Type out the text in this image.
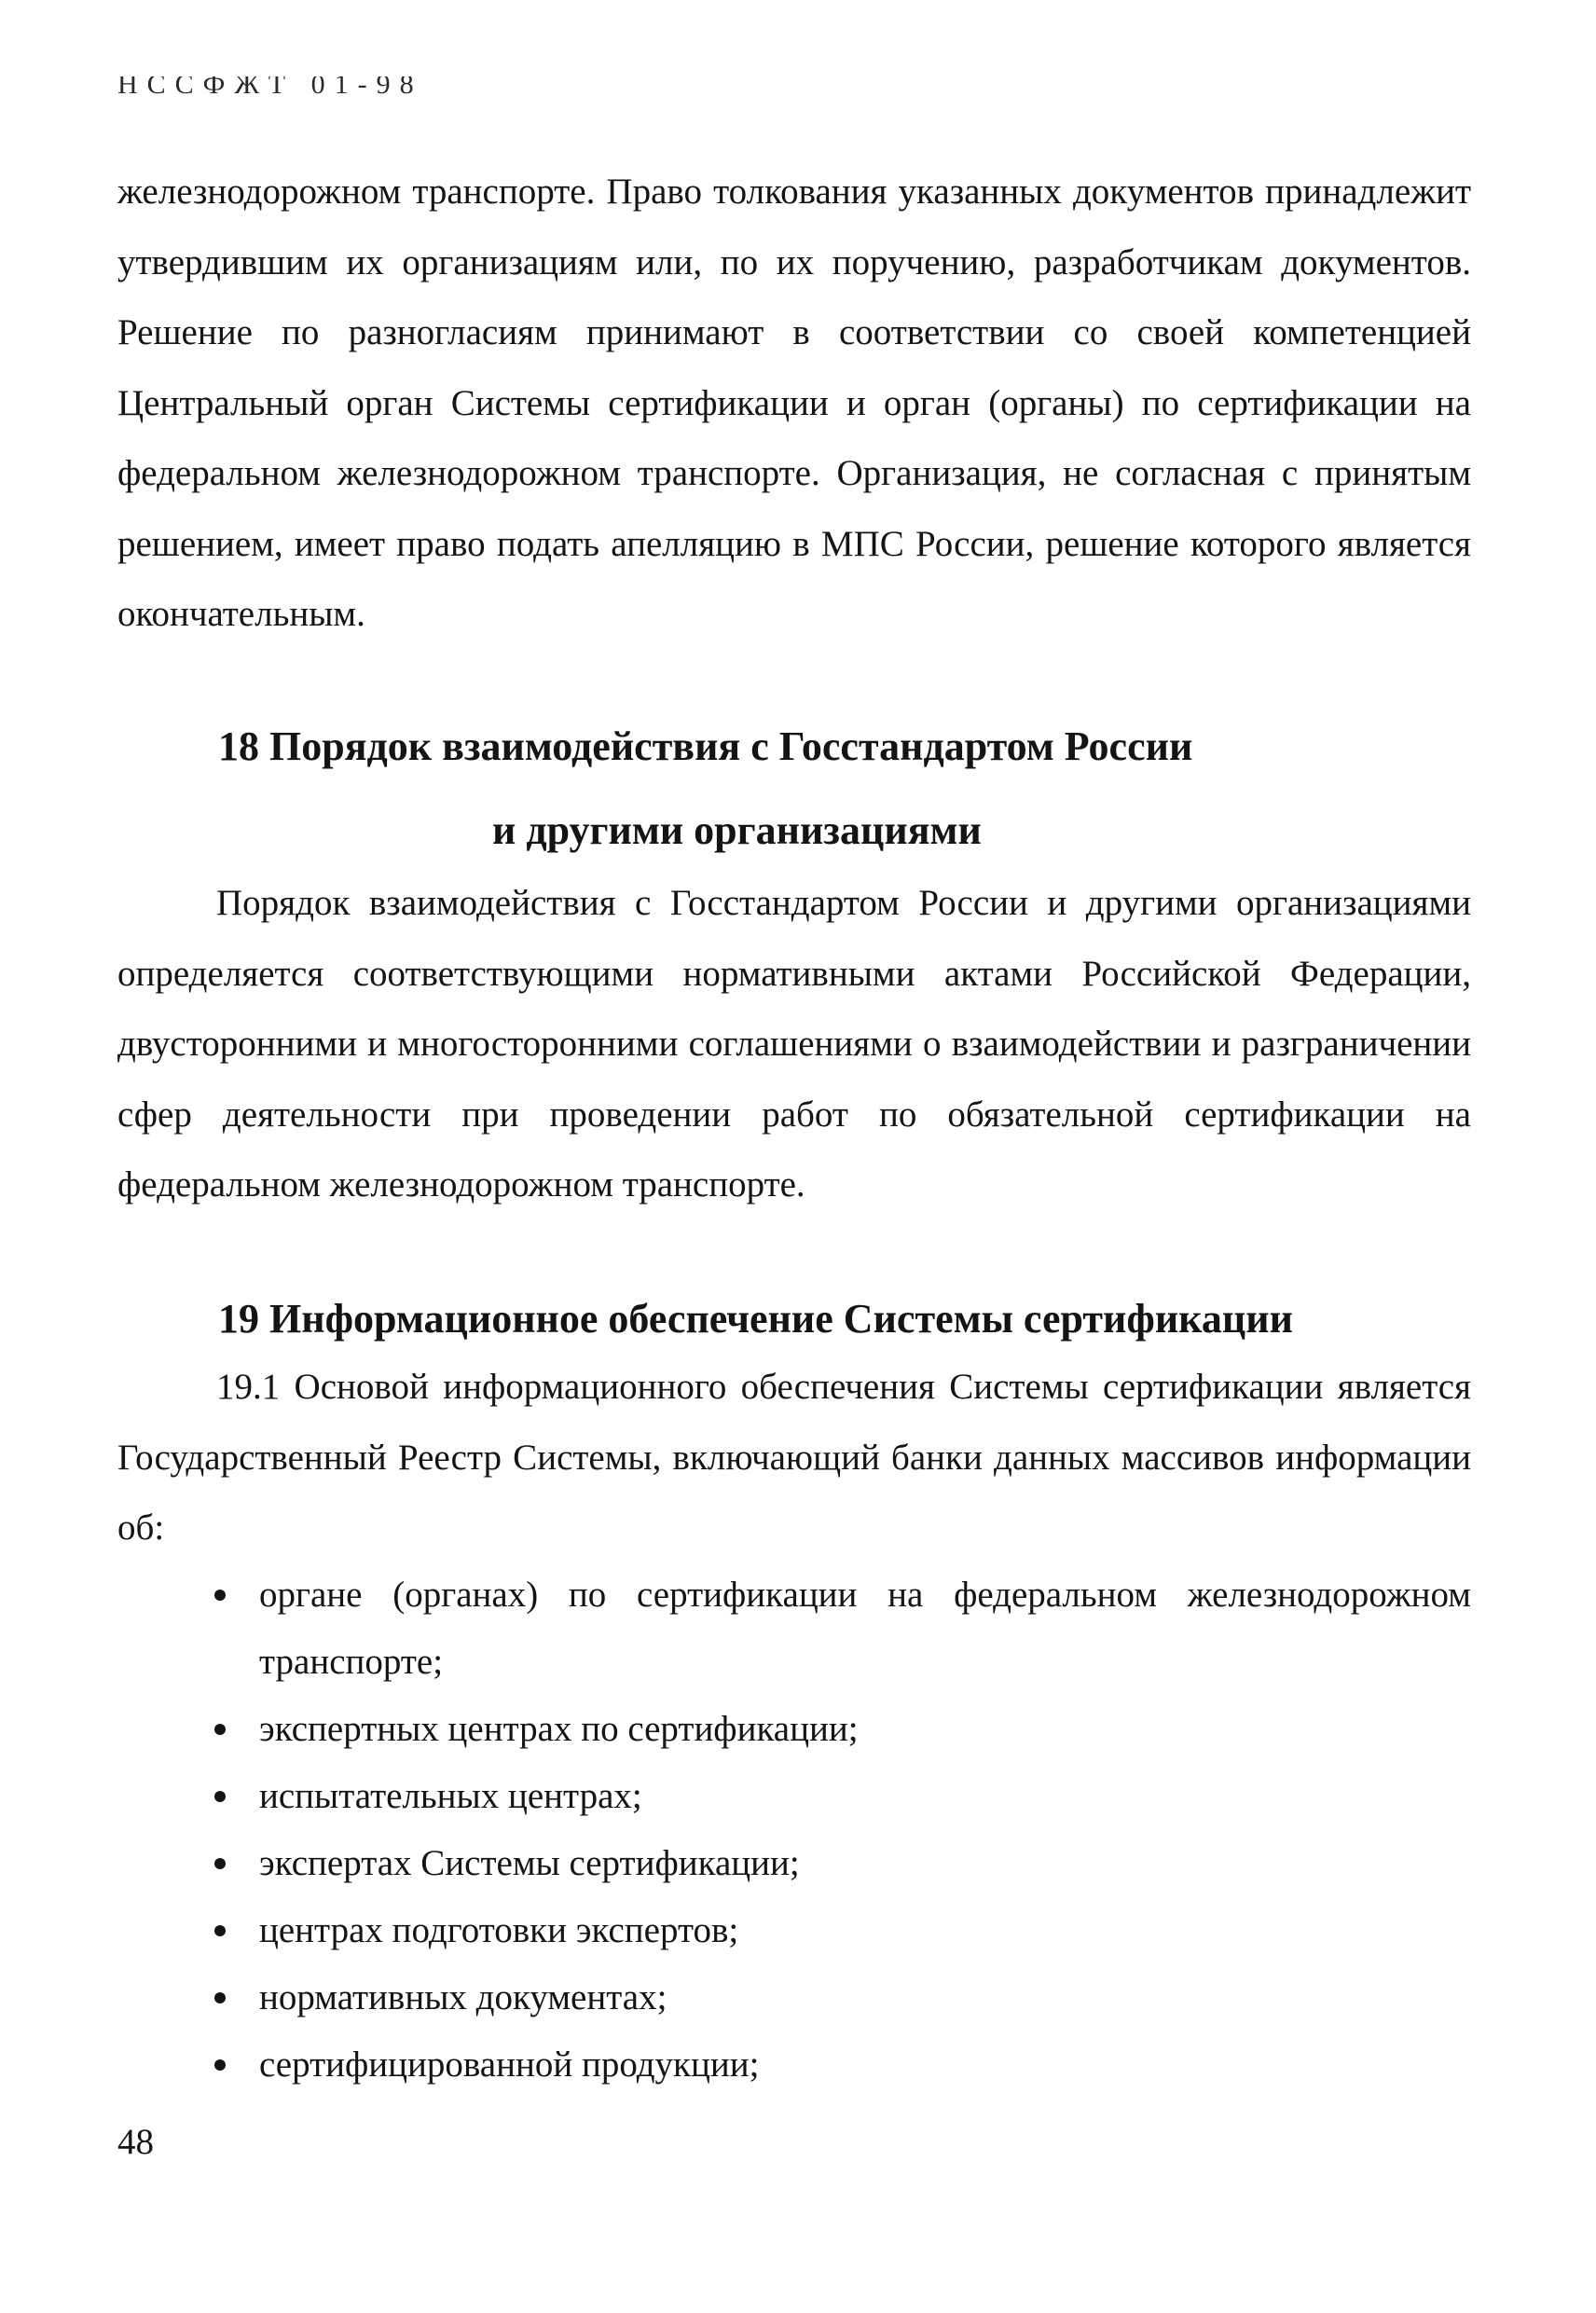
НССФЖТ 01-98

железнодорожном транспорте. Право толкования указанных документов принадлежит утвердившим их организациям или, по их поручению, разработчикам документов. Решение по разногласиям принимают в соответствии со своей компетенцией Центральный орган Системы сертификации и орган (органы) по сертификации на федеральном железнодорожном транспорте. Организация, не согласная с принятым решением, имеет право подать апелляцию в МПС России, решение которого является окончательным.

18 Порядок взаимодействия с Госстандартом России
и другими организациями

Порядок взаимодействия с Госстандартом России и другими организациями определяется соответствующими нормативными актами Российской Федерации, двусторонними и многосторонними соглашениями о взаимодействии и разграничении сфер деятельности при проведении работ по обязательной сертификации на федеральном железнодорожном транспорте.

19 Информационное обеспечение Системы сертификации

19.1 Основой информационного обеспечения Системы сертификации является Государственный Реестр Системы, включающий банки данных массивов информации об:

органе (органах) по сертификации на федеральном железнодорожном транспорте;
экспертных центрах по сертификации;
испытательных центрах;
экспертах Системы сертификации;
центрах подготовки экспертов;
нормативных документах;
сертифицированной продукции;
48
